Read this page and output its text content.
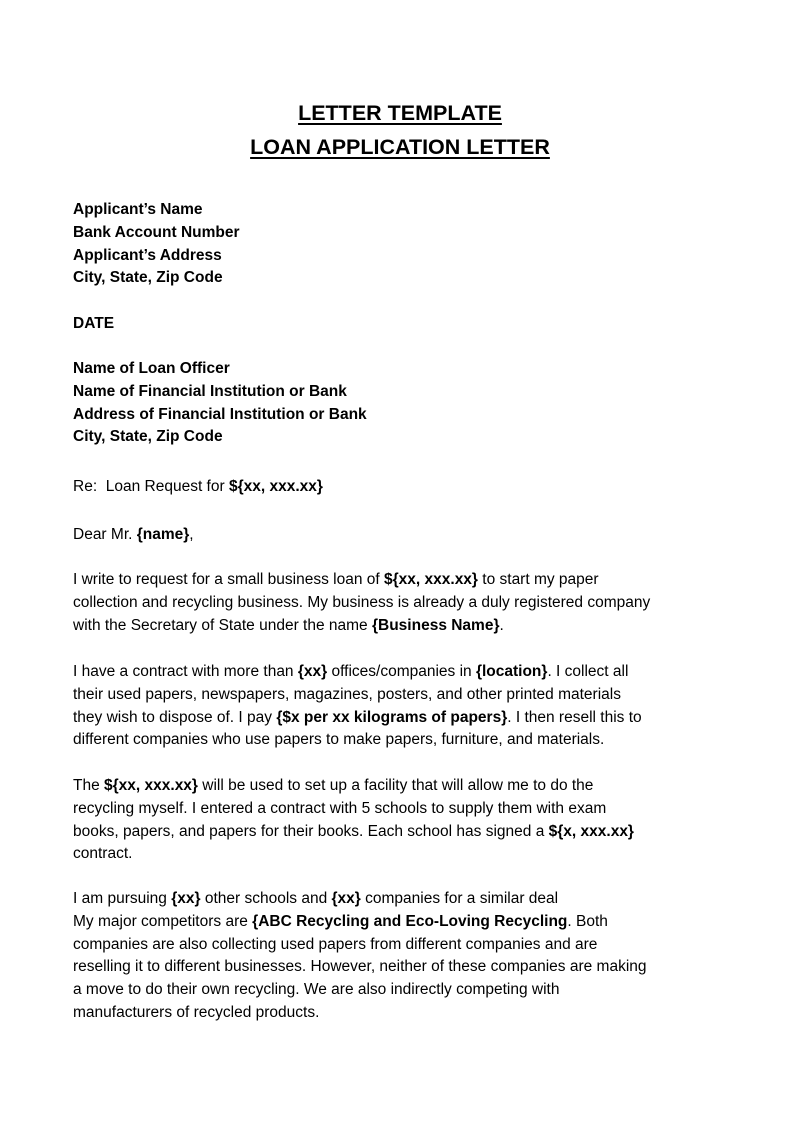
LETTER TEMPLATE
LOAN APPLICATION LETTER
Applicant’s Name
Bank Account Number
Applicant’s Address
City, State, Zip Code
DATE
Name of Loan Officer
Name of Financial Institution or Bank
Address of Financial Institution or Bank
City, State, Zip Code
Re:  Loan Request for ${xx, xxx.xx}
Dear Mr. {name},
I write to request for a small business loan of ${xx, xxx.xx} to start my paper
collection and recycling business. My business is already a duly registered company
with the Secretary of State under the name {Business Name}.
I have a contract with more than {xx} offices/companies in {location}. I collect all
their used papers, newspapers, magazines, posters, and other printed materials
they wish to dispose of. I pay {$x per xx kilograms of papers}. I then resell this to
different companies who use papers to make papers, furniture, and materials.
The ${xx, xxx.xx} will be used to set up a facility that will allow me to do the
recycling myself. I entered a contract with 5 schools to supply them with exam
books, papers, and papers for their books. Each school has signed a ${x, xxx.xx}
contract.
I am pursuing {xx} other schools and {xx} companies for a similar deal
My major competitors are {ABC Recycling and Eco-Loving Recycling. Both
companies are also collecting used papers from different companies and are
reselling it to different businesses. However, neither of these companies are making
a move to do their own recycling. We are also indirectly competing with
manufacturers of recycled products.
